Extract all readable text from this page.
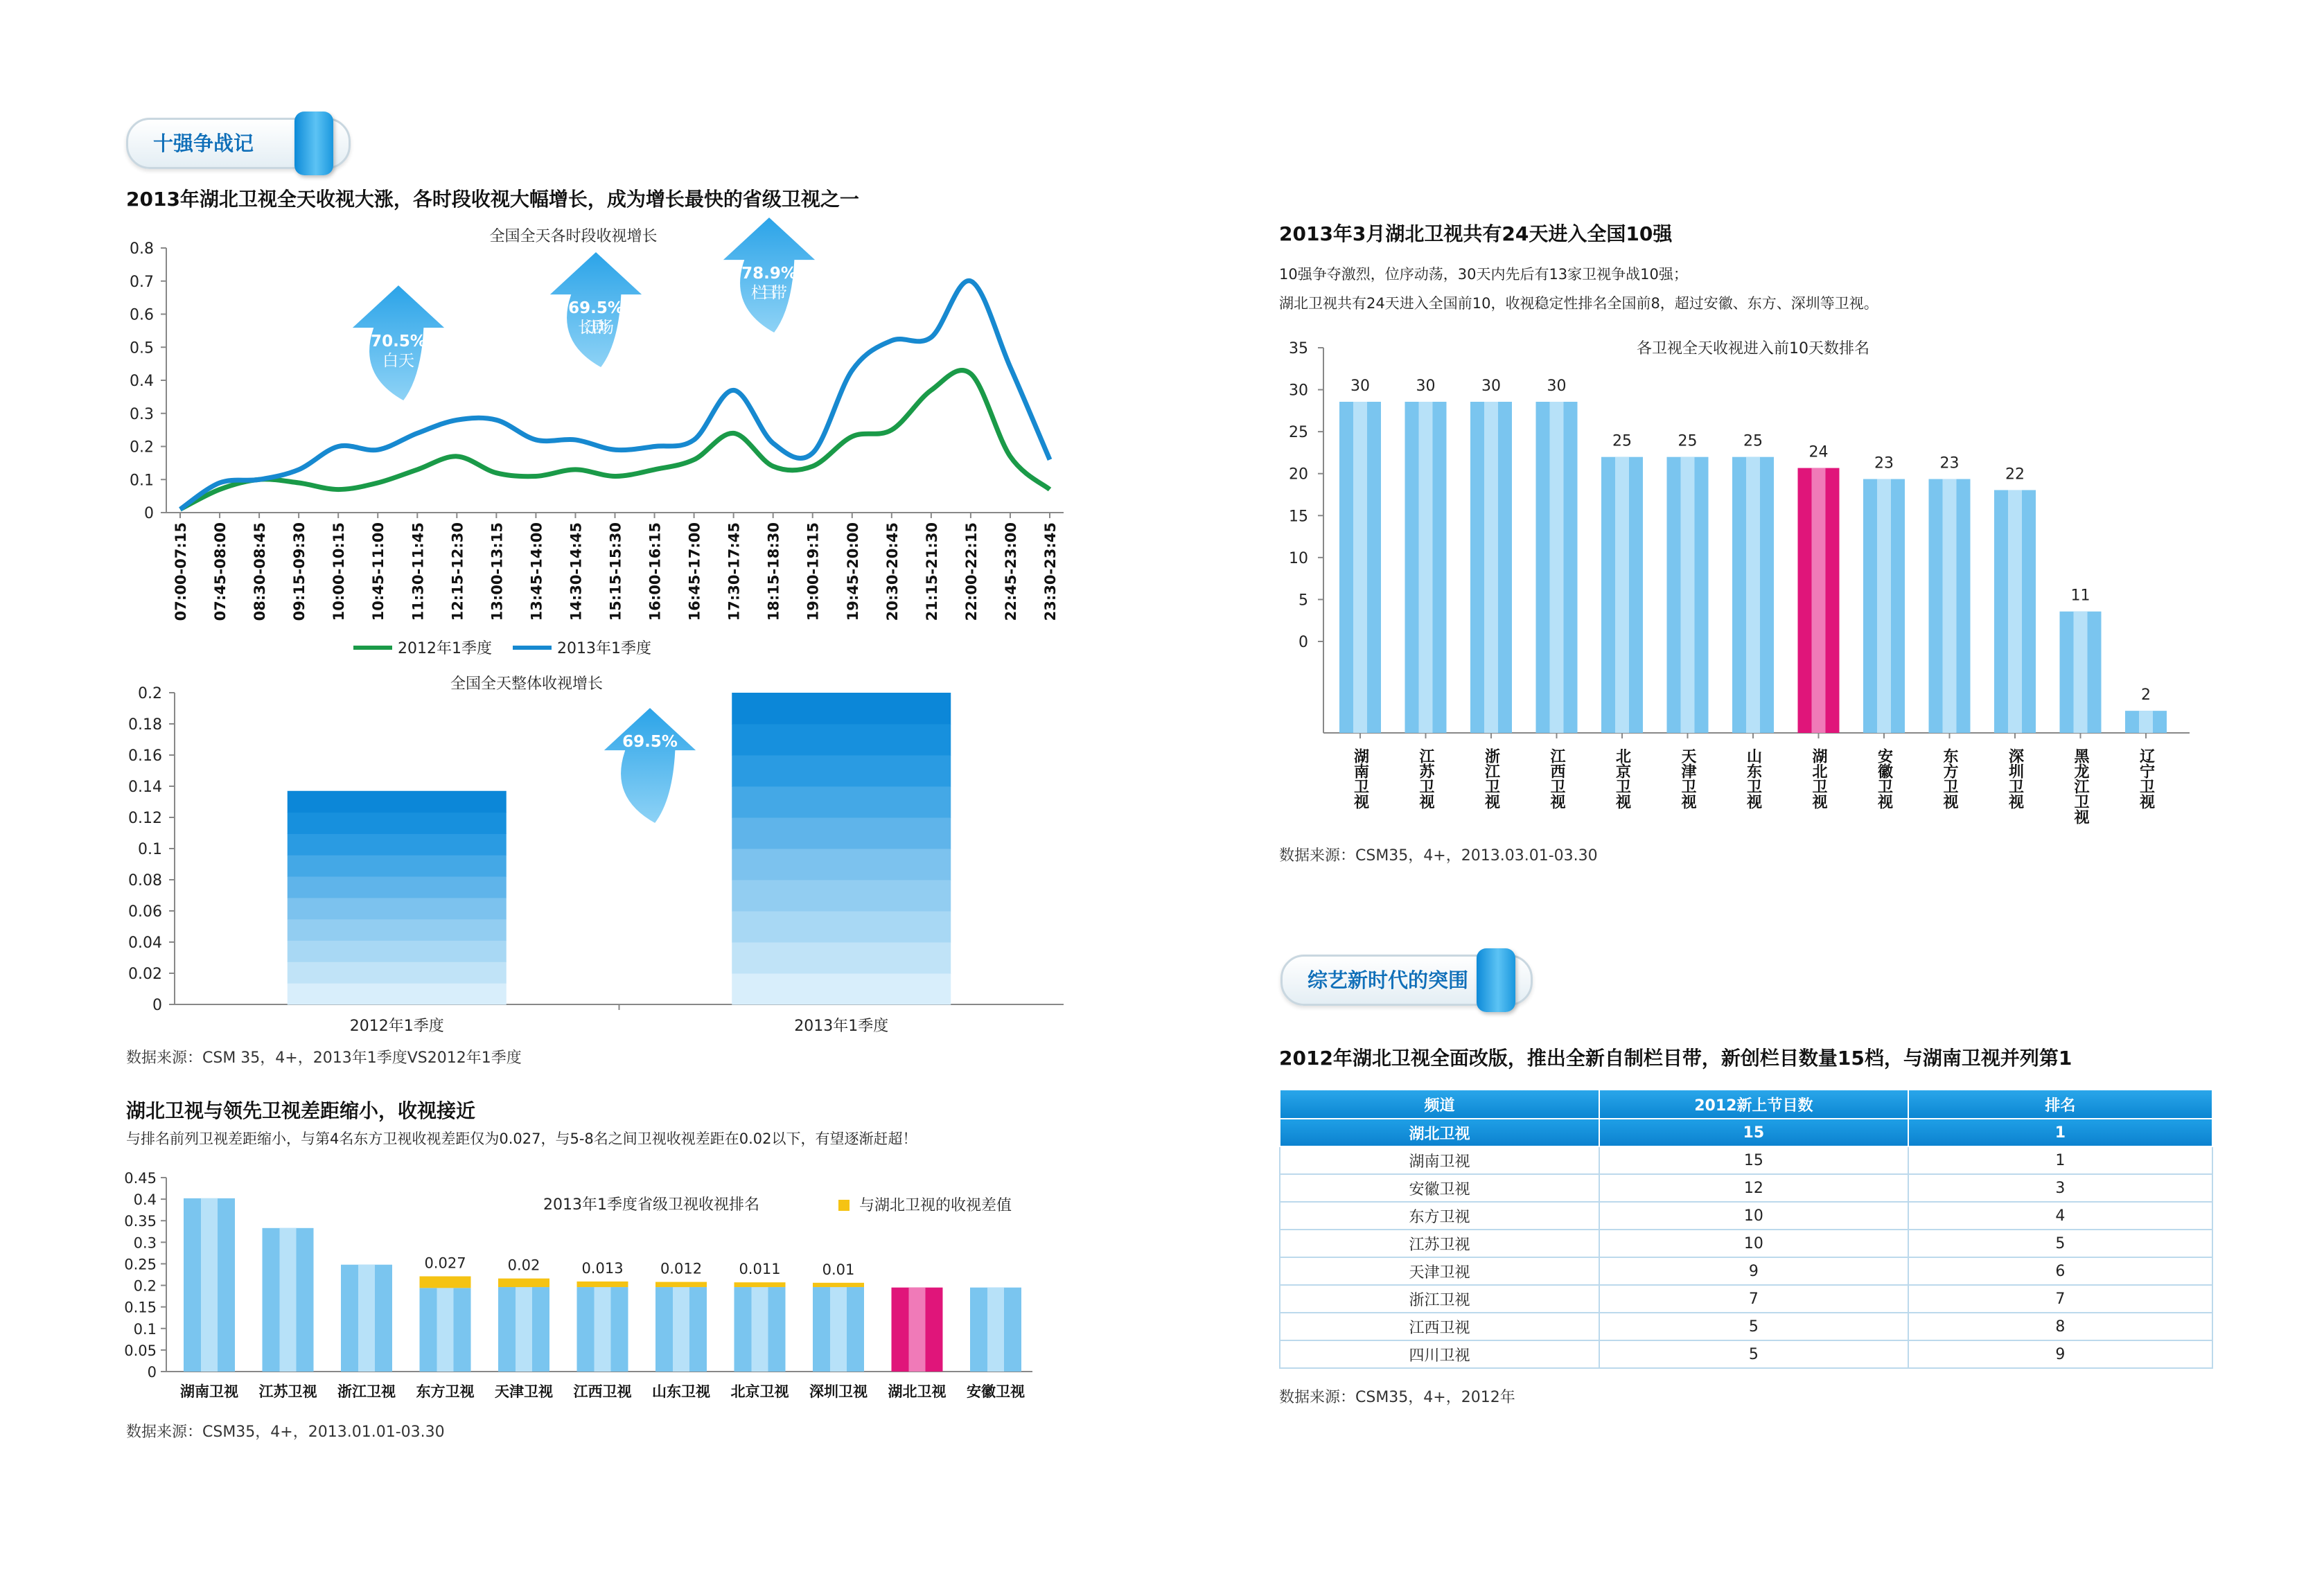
十强争战记
2013年湖北卫视全天收视大涨，各时段收视大幅增长，成为增长最快的省级卫视之一
0
0.1
0.2
0.3
0.4
0.5
0.6
0.7
0.8
07:00-07:15 07:45-08:00 08:30-08:45 09:15-09:30 10:00-10:15 10:45-11:00 11:30-11:45 12:15-12:30 13:00-13:15 13:45-14:00 14:30-14:45 15:15-15:30 16:00-16:15 16:45-17:00 17:30-17:45 18:15-18:30 19:00-19:15 19:45-20:00 20:30-20:45 21:15-21:30 22:00-22:15 22:45-23:00 23:30-23:45
全国全天各时段收视增长
2012年1季度	2013年1季度
70.5%
白天
69.5%
长江剧场
78.9%
栏目带
0
0.02
0.04
0.06
0.08
0.1
0.12
0.14
0.16
0.18
0.2
全国全天整体收视增长
2012年1季度	2013年1季度
69.5%
数据来源：CSM 35，4+，2013年1季度VS2012年1季度
湖北卫视与领先卫视差距缩小，收视接近
与排名前列卫视差距缩小，与第4名东方卫视收视差距仅为0.027，与5-8名之间卫视收视差距在0.02以下，有望逐渐赶超！
0
0.05
0.1
0.15
0.2
0.25
0.3
0.35
0.4
0.45
2013年1季度省级卫视收视排名	与湖北卫视的收视差值
湖南卫视 江苏卫视 浙江卫视
0.027
东方卫视
0.02
天津卫视
0.013
江西卫视
0.012
山东卫视
0.011
北京卫视
0.01
深圳卫视 湖北卫视 安徽卫视
数据来源：CSM35，4+，2013.01.01-03.30
2013年3月湖北卫视共有24天进入全国10强
10强争夺激烈，位序动荡，30天内先后有13家卫视争战10强；
湖北卫视共有24天进入全国前10，收视稳定性排名全国前8，超过安徽、东方、深圳等卫视。
0
5
10
15
20
25
30
35	各卫视全天收视进入前10天数排名
30
湖南卫视
30
江苏卫视
30
浙江卫视
30
江西卫视
25
北京卫视
25
天津卫视
25
山东卫视
24
湖北卫视
23
安徽卫视
23
东方卫视
22
深圳卫视
11
黑龙江卫视
2
辽宁卫视
数据来源：CSM35，4+，2013.03.01-03.30
综艺新时代的突围
2012年湖北卫视全面改版，推出全新自制栏目带，新创栏目数量15档，与湖南卫视并列第1
频道	2012新上节目数	排名
湖北卫视	15	1
湖南卫视	15	1
安徽卫视	12	3
东方卫视	10	4
江苏卫视	10	5
天津卫视	9	6
浙江卫视	7	7
江西卫视	5	8
四川卫视	5	9
数据来源：CSM35，4+，2012年
